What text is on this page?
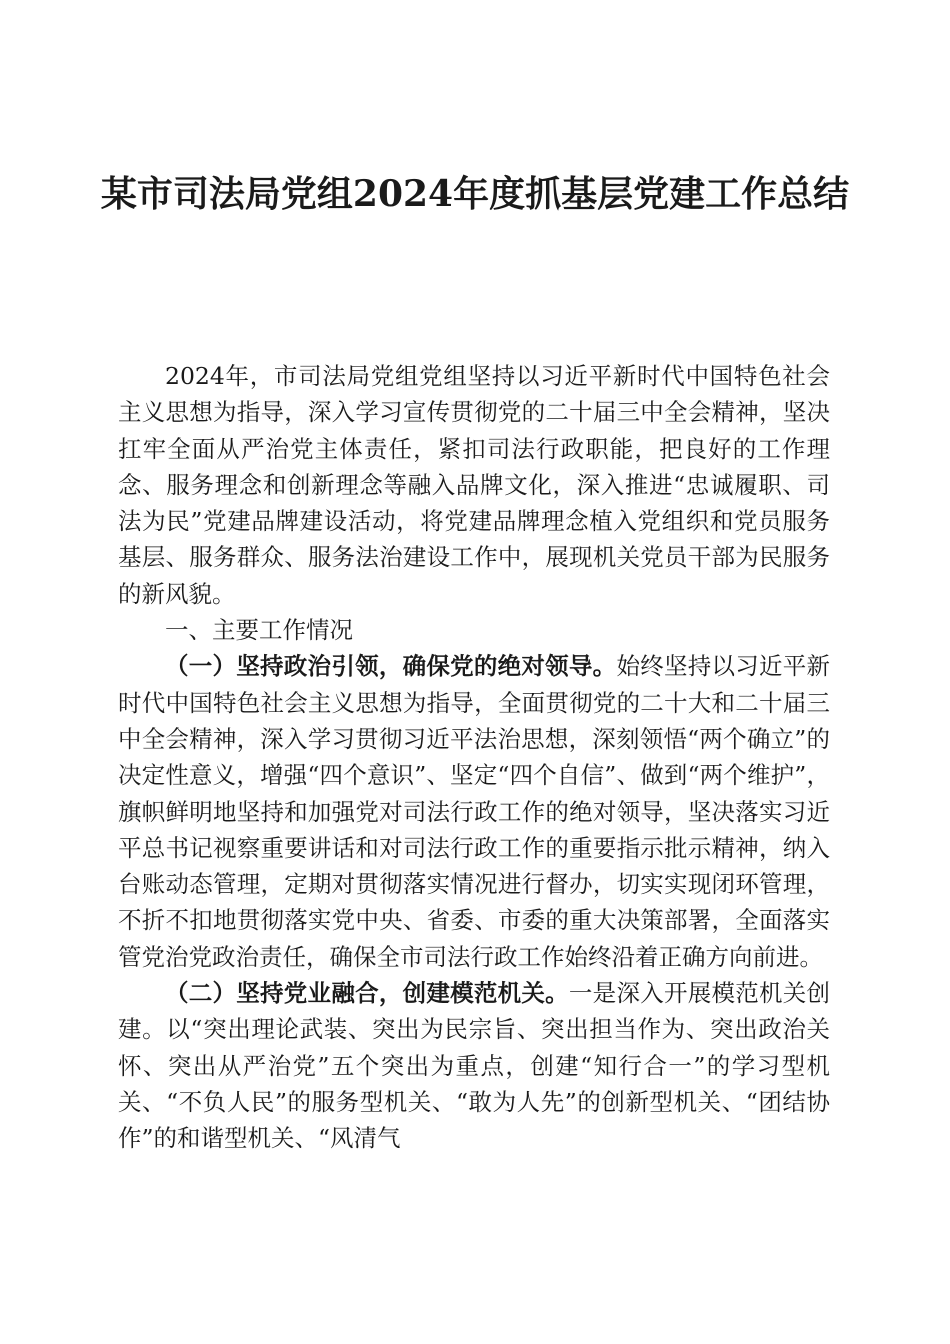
某市司法局党组2024年度抓基层党建工作总结

2024年，市司法局党组党组坚持以习近平新时代中国特色社会主义思想为指导，深入学习宣传贯彻党的二十届三中全会精神，坚决扛牢全面从严治党主体责任，紧扣司法行政职能，把良好的工作理念、服务理念和创新理念等融入品牌文化，深入推进“忠诚履职、司法为民”党建品牌建设活动，将党建品牌理念植入党组织和党员服务基层、服务群众、服务法治建设工作中，展现机关党员干部为民服务的新风貌。

一、主要工作情况

（一）坚持政治引领，确保党的绝对领导。始终坚持以习近平新时代中国特色社会主义思想为指导，全面贯彻党的二十大和二十届三中全会精神，深入学习贯彻习近平法治思想，深刻领悟“两个确立”的决定性意义，增强“四个意识”、坚定“四个自信”、做到“两个维护”，旗帜鲜明地坚持和加强党对司法行政工作的绝对领导，坚决落实习近平总书记视察重要讲话和对司法行政工作的重要指示批示精神，纳入台账动态管理，定期对贯彻落实情况进行督办，切实实现闭环管理，不折不扣地贯彻落实党中央、省委、市委的重大决策部署，全面落实管党治党政治责任，确保全市司法行政工作始终沿着正确方向前进。

（二）坚持党业融合，创建模范机关。一是深入开展模范机关创建。以“突出理论武装、突出为民宗旨、突出担当作为、突出政治关怀、突出从严治党”五个突出为重点，创建“知行合一”的学习型机关、“不负人民”的服务型机关、“敢为人先”的创新型机关、“团结协作”的和谐型机关、“风清气
